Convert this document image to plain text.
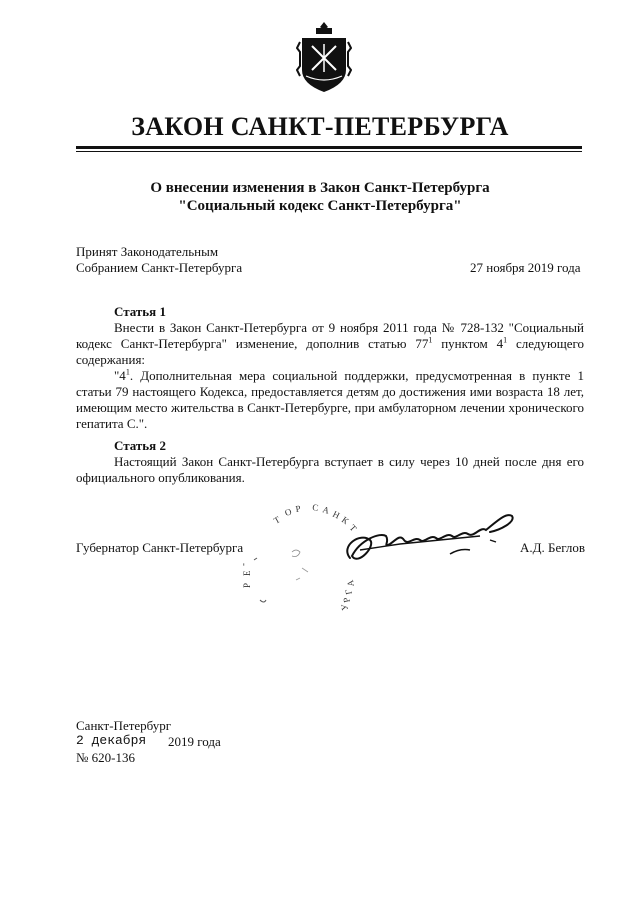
ЗАКОН САНКТ-ПЕТЕРБУРГА
О внесении изменения в Закон Санкт-Петербурга
"Социальный кодекс Санкт-Петербурга"
Принят Законодательным
Собранием Санкт-Петербурга	27 ноября 2019 года
Статья 1
Внести в Закон Санкт-Петербурга от 9 ноября 2011 года № 728-132 "Социальный
кодекс Санкт-Петербурга" изменение, дополнив статью $77^1$ пунктом $4^1$ следующего
содержания:
"$4^1$. Дополнительная мера социальной поддержки, предусмотренная в пункте 1
статьи 79 настоящего Кодекса, предоставляется детям до достижения ими возраста 18 лет,
имеющим место жительства в Санкт-Петербурге, при амбулаторном лечении хронического
гепатита С.".
Статья 2
Настоящий Закон Санкт-Петербурга вступает в силу через 10 дней после дня его
официального опубликования.
Т
О Р С А Н
К
Т
Е
Р
-
У
Р
Г
А
Губернатор Санкт-Петербурга	А.Д. Беглов
Санкт-Петербург
2 декабря 2019 года
№ 620-136
